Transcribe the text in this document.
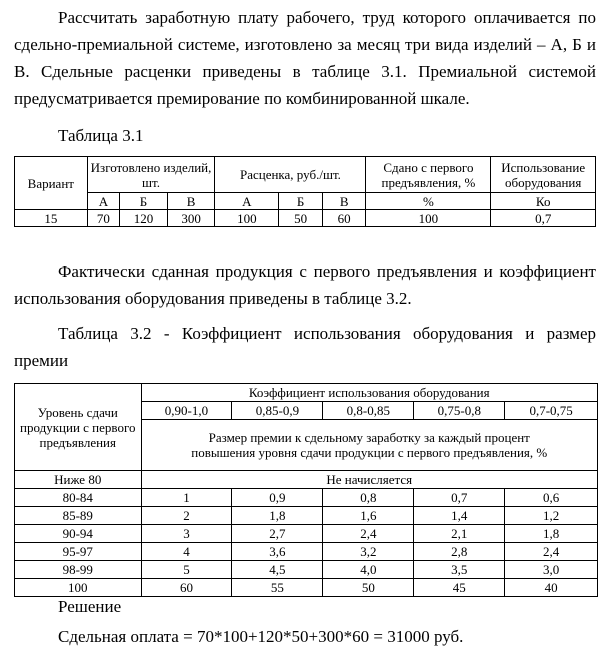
Рассчитать заработную плату рабочего, труд которого оплачивается по сдельно-премиальной системе, изготовлено за месяц три вида изделий – А, Б и В. Сдельные расценки приведены в таблице 3.1. Премиальной системой предусматривается премирование по комбинированной шкале.

Таблица 3.1
Вариант	Изготовлено изделий, шт.			Расценка, руб./шт.			Сдано с первого предъявления, %	Использование оборудования
	А	Б	В	А	Б	В	%	Ко
15	70	120	300	100	50	60	100	0,7

Фактически сданная продукция с первого предъявления и коэффициент использования оборудования приведены в таблице 3.2.

Таблица 3.2 - Коэффициент использования оборудования и размер премии

Уровень сдачи продукции с первого предъявления	Коэффициент использования оборудования				
	0,90-1,0	0,85-0,9	0,8-0,85	0,75-0,8	0,7-0,75
	Размер премии к сдельному заработку за каждый процент повышения уровня сдачи продукции с первого предъявления, %				
Ниже 80	Не начисляется				
80-84	1	0,9	0,8	0,7	0,6
85-89	2	1,8	1,6	1,4	1,2
90-94	3	2,7	2,4	2,1	1,8
95-97	4	3,6	3,2	2,8	2,4
98-99	5	4,5	4,0	3,5	3,0
100	60	55	50	45	40
Решение
Сдельная оплата = 70*100+120*50+300*60 = 31000 руб.
